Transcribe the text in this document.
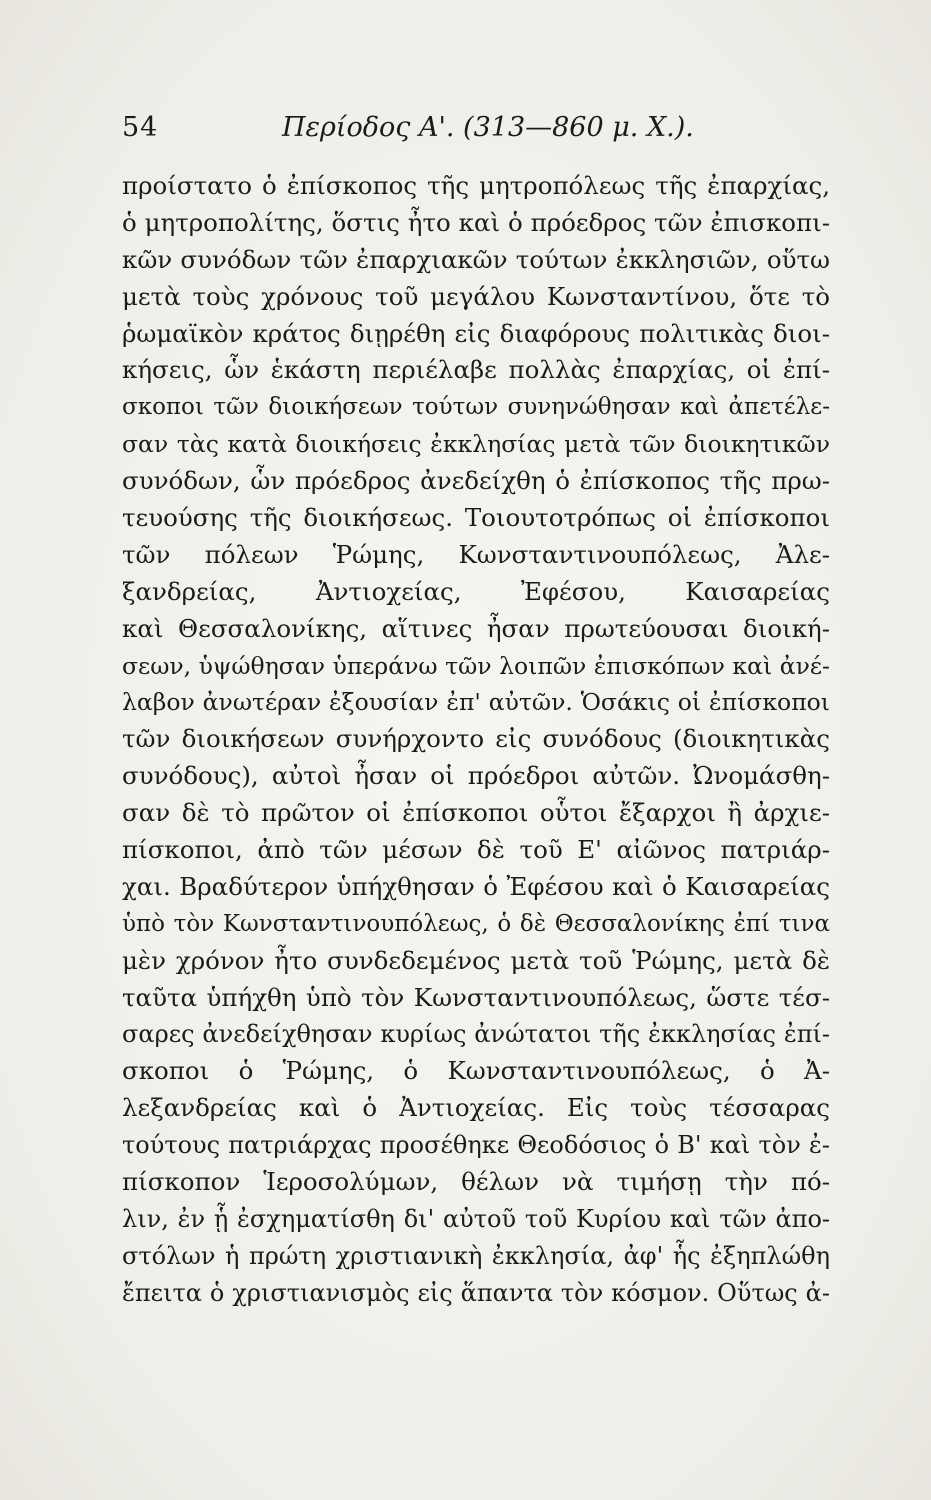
54	Περίοδος Α'. (313—860 μ. Χ.).
προίστατο ὁ ἐπίσκοπος τῆς μητροπόλεως τῆς ἐπαρχίας,
ὁ μητροπολίτης, ὅστις ἦτο καὶ ὁ πρόεδρος τῶν ἐπισκοπι-
κῶν συνόδων τῶν ἐπαρχιακῶν τούτων ἐκκλησιῶν, οὕτω
μετὰ τοὺς χρόνους τοῦ μεγάλου Κωνσταντίνου, ὅτε τὸ
ῥωμαϊκὸν κράτος διῃρέθη εἰς διαφόρους πολιτικὰς διοι-
κήσεις, ὧν ἑκάστη περιέλαβε πολλὰς ἐπαρχίας, οἱ ἐπί-
σκοποι τῶν διοικήσεων τούτων συνηνώθησαν καὶ ἀπετέλε-
σαν τὰς κατὰ διοικήσεις ἐκκλησίας μετὰ τῶν διοικητικῶν
συνόδων, ὧν πρόεδρος ἀνεδείχθη ὁ ἐπίσκοπος τῆς πρω-
τευούσης τῆς διοικήσεως. Τοιουτοτρόπως οἱ ἐπίσκοποι
τῶν πόλεων Ῥώμης, Κωνσταντινουπόλεως, Ἀλε-
ξανδρείας, Ἀντιοχείας, Ἐφέσου, Καισαρείας
καὶ Θεσσαλονίκης, αἵτινες ἦσαν πρωτεύουσαι διοική-
σεων, ὑψώθησαν ὑπεράνω τῶν λοιπῶν ἐπισκόπων καὶ ἀνέ-
λαβον ἀνωτέραν ἐξουσίαν ἐπ' αὐτῶν. Ὁσάκις οἱ ἐπίσκοποι
τῶν διοικήσεων συνήρχοντο εἰς συνόδους (διοικητικὰς
συνόδους), αὐτοὶ ἦσαν οἱ πρόεδροι αὐτῶν. Ὠνομάσθη-
σαν δὲ τὸ πρῶτον οἱ ἐπίσκοποι οὗτοι ἔξαρχοι ἢ ἀρχιε-
πίσκοποι, ἀπὸ τῶν μέσων δὲ τοῦ Ε' αἰῶνος πατριάρ-
χαι. Βραδύτερον ὑπήχθησαν ὁ Ἐφέσου καὶ ὁ Καισαρείας
ὑπὸ τὸν Κωνσταντινουπόλεως, ὁ δὲ Θεσσαλονίκης ἐπί τινα
μὲν χρόνον ἦτο συνδεδεμένος μετὰ τοῦ Ῥώμης, μετὰ δὲ
ταῦτα ὑπήχθη ὑπὸ τὸν Κωνσταντινουπόλεως, ὥστε τέσ-
σαρες ἀνεδείχθησαν κυρίως ἀνώτατοι τῆς ἐκκλησίας ἐπί-
σκοποι ὁ Ῥώμης, ὁ Κωνσταντινουπόλεως, ὁ Ἀ-
λεξανδρείας καὶ ὁ Ἀντιοχείας. Εἰς τοὺς τέσσαρας
τούτους πατριάρχας προσέθηκε Θεοδόσιος ὁ Β' καὶ τὸν ἐ-
πίσκοπον Ἱεροσολύμων, θέλων νὰ τιμήσῃ τὴν πό-
λιν, ἐν ᾗ ἐσχηματίσθη δι' αὐτοῦ τοῦ Κυρίου καὶ τῶν ἀπο-
στόλων ἡ πρώτη χριστιανικὴ ἐκκλησία, ἀφ' ἧς ἐξηπλώθη
ἔπειτα ὁ χριστιανισμὸς εἰς ἅπαντα τὸν κόσμον. Οὕτως ἀ-
